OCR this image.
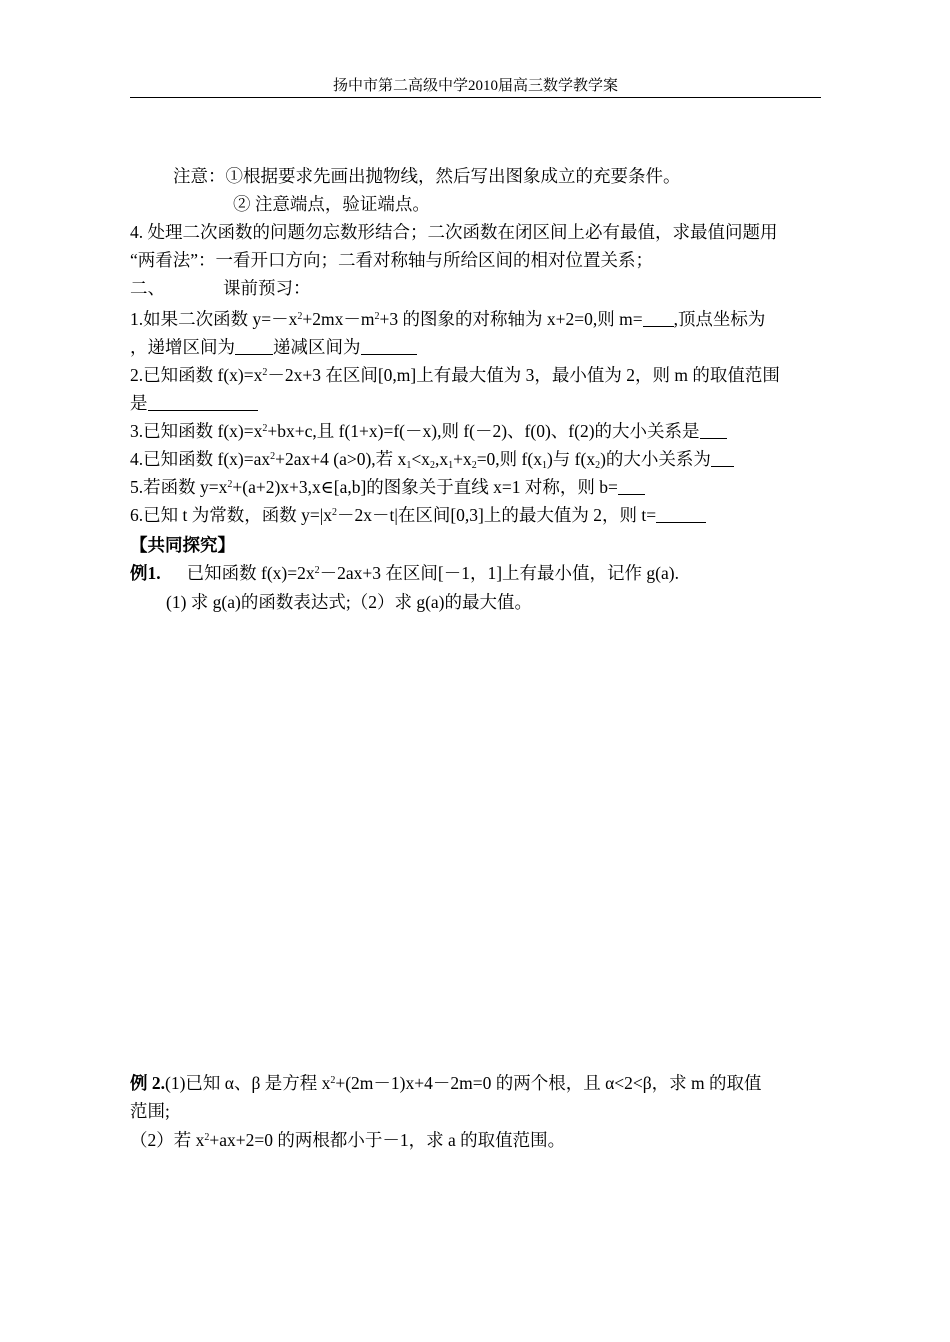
扬中市第二高级中学2010届高三数学教学案
注意：①根据要求先画出抛物线，然后写出图象成立的充要条件。
② 注意端点，验证端点。
4. 处理二次函数的问题勿忘数形结合；二次函数在闭区间上必有最值，求最值问题用
“两看法”：一看开口方向；二看对称轴与所给区间的相对位置关系；
二、	课前预习：
1.如果二次函数 $y=-x^2+2mx-m^2+3$ 的图象的对称轴为 x+2=0,则 m= ,顶点坐标为
，递增区间为 递减区间为
2.已知函数 $f(x)=x^2-2x+3$ 在区间[0,m]上有最大值为 3，最小值为 2，则 m 的取值范围
是
3.已知函数 $f(x)=x^2+bx+c$,且 f(1+x)=f(－x),则 f(－2)、f(0)、f(2)的大小关系是
4.已知函数 $f(x)=ax^2+2ax+4$ (a>0),若 $x_1<x_2,x_1+x_2=0$,则 $f(x_1)$与 $f(x_2)$的大小关系为
5.若函数 $y=x^2+(a+2)x+3,x\in[a,b]$的图象关于直线 x=1 对称，则 b=
6.已知 t 为常数，函数 $y=|x^2-2x-t|$在区间[0,3]上的最大值为 2，则 t=
【共同探究】
例1. 已知函数 $f(x)=2x^2-2ax+3$ 在区间[－1，1]上有最小值，记作 g(a).
(1) 求 g(a)的函数表达式;（2）求 g(a)的最大值。
例 2.(1)已知 α、β 是方程 $x^2+(2m-1)x+4-2m=0$ 的两个根，且 α<2<β，求 m 的取值
范围;
（2）若 $x^2+ax+2=0$ 的两根都小于－1，求 a 的取值范围。
